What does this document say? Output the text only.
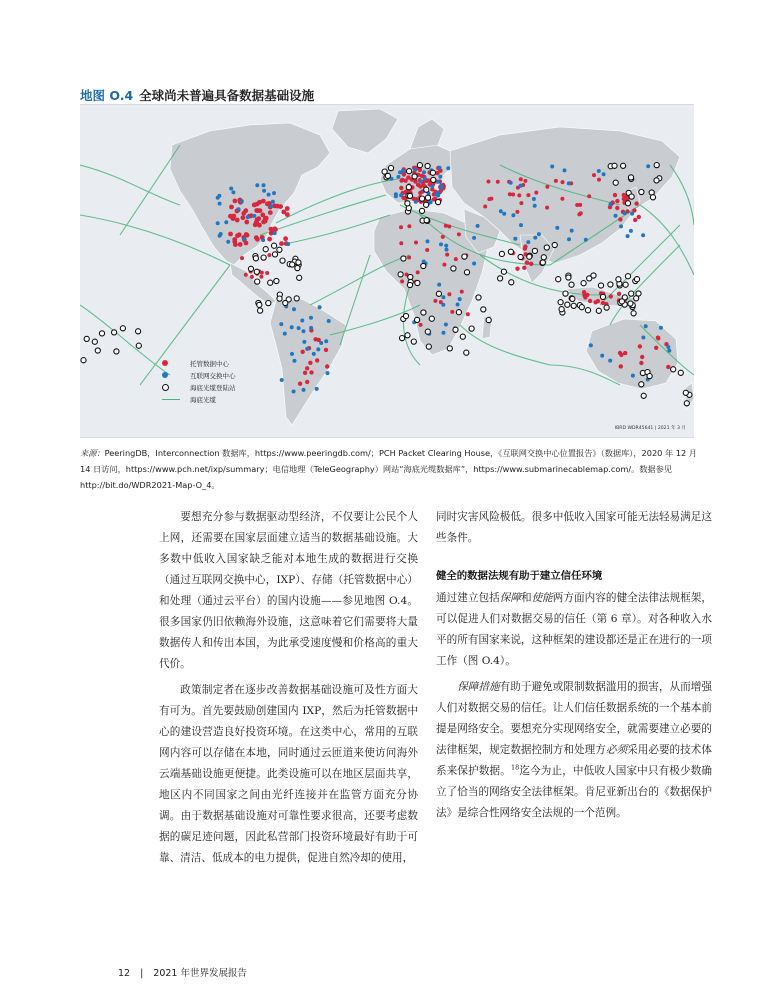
地图 O.4 全球尚未普遍具备数据基础设施
托管数据中心
互联网交换中心
海底光缆登陆站
海底光缆
IBRD WDR45641 | 2021 年 3 月
来源：PeeringDB，Interconnection 数据库，https://www.peeringdb.com/；PCH Packet Clearing House，《互联网交换中心位置报告》（数据库），2020 年 12 月 14 日访问，https://www.pch.net/ixp/summary；电信地理（TeleGeography）网站“海底光缆数据库”，https://www.submarinecablemap.com/。数据参见 http://bit.do/WDR2021-Map-O_4。

要想充分参与数据驱动型经济，不仅要让公民个人上网，还需要在国家层面建立适当的数据基础设施。大多数中低收入国家缺乏能对本地生成的数据进行交换（通过互联网交换中心，IXP）、存储（托管数据中心）和处理（通过云平台）的国内设施——参见地图 O.4。很多国家仍旧依赖海外设施，这意味着它们需要将大量数据传人和传出本国，为此承受速度慢和价格高的重大代价。

政策制定者在逐步改善数据基础设施可及性方面大有可为。首先要鼓励创建国内 IXP，然后为托管数据中心的建设营造良好投资环境。在这类中心，常用的互联网内容可以存储在本地，同时通过云匝道来使访问海外云端基础设施更便捷。此类设施可以在地区层面共享，地区内不同国家之间由光纤连接并在监管方面充分协调。由于数据基础设施对可靠性要求很高，还要考虑数据的碳足迹问题，因此私营部门投资环境最好有助于可靠、清洁、低成本的电力提供，促进自然冷却的使用，

同时灾害风险极低。很多中低收入国家可能无法轻易满足这些条件。

健全的数据法规有助于建立信任环境

通过建立包括保障和使能两方面内容的健全法律法规框架，可以促进人们对数据交易的信任（第 6 章）。对各种收入水平的所有国家来说，这种框架的建设都还是正在进行的一项工作（图 O.4）。

保障措施有助于避免或限制数据滥用的损害，从而增强人们对数据交易的信任。让人们信任数据系统的一个基本前提是网络安全。要想充分实现网络安全，就需要建立必要的法律框架，规定数据控制方和处理方必须采用必要的技术体系来保护数据。$^{18}$迄今为止，中低收人国家中只有极少数确立了恰当的网络安全法律框架。肯尼亚新出台的《数据保护法》是综合性网络安全法规的一个范例。

12 | 2021 年世界发展报告
